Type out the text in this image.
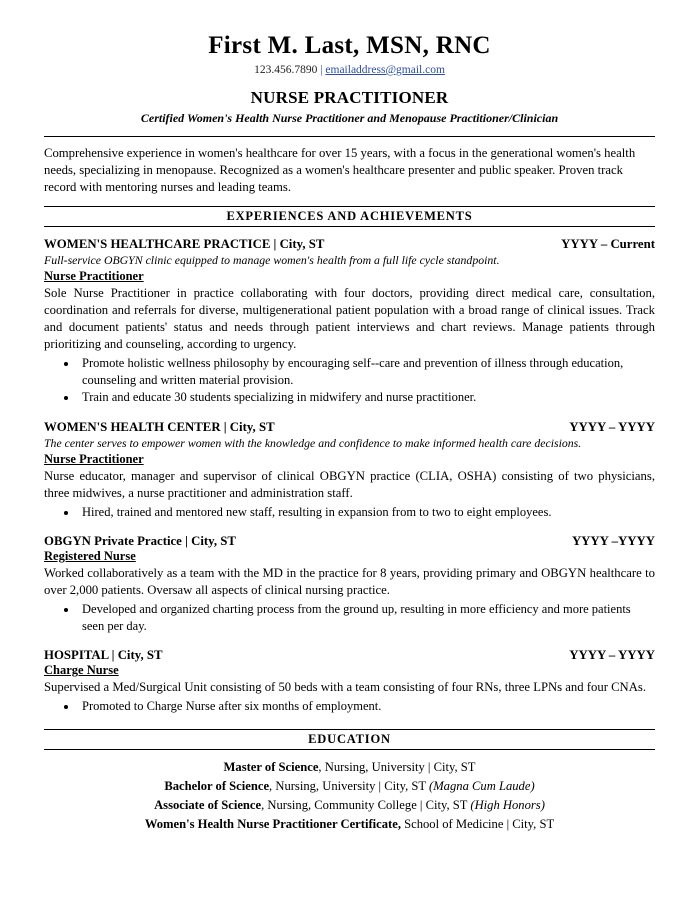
First M. Last, MSN, RNC
123.456.7890 | emailaddress@gmail.com
NURSE PRACTITIONER
Certified Women's Health Nurse Practitioner and Menopause Practitioner/Clinician
Comprehensive experience in women's healthcare for over 15 years, with a focus in the generational women's health needs, specializing in menopause. Recognized as a women's healthcare presenter and public speaker. Proven track record with mentoring nurses and leading teams.
EXPERIENCES AND ACHIEVEMENTS
WOMEN'S HEALTHCARE PRACTICE | City, ST	YYYY – Current
Full-service OBGYN clinic equipped to manage women's health from a full life cycle standpoint.
Nurse Practitioner
Sole Nurse Practitioner in practice collaborating with four doctors, providing direct medical care, consultation, coordination and referrals for diverse, multigenerational patient population with a broad range of clinical issues. Track and document patients' status and needs through patient interviews and chart reviews. Manage patients through prioritizing and counseling, according to urgency.
• Promote holistic wellness philosophy by encouraging self--care and prevention of illness through education, counseling and written material provision.
• Train and educate 30 students specializing in midwifery and nurse practitioner.
WOMEN'S HEALTH CENTER | City, ST	YYYY – YYYY
The center serves to empower women with the knowledge and confidence to make informed health care decisions.
Nurse Practitioner
Nurse educator, manager and supervisor of clinical OBGYN practice (CLIA, OSHA) consisting of two physicians, three midwives, a nurse practitioner and administration staff.
• Hired, trained and mentored new staff, resulting in expansion from to two to eight employees.
OBGYN Private Practice | City, ST	YYYY –YYYY
Registered Nurse
Worked collaboratively as a team with the MD in the practice for 8 years, providing primary and OBGYN healthcare to over 2,000 patients. Oversaw all aspects of clinical nursing practice.
• Developed and organized charting process from the ground up, resulting in more efficiency and more patients seen per day.
HOSPITAL | City, ST	YYYY – YYYY
Charge Nurse
Supervised a Med/Surgical Unit consisting of 50 beds with a team consisting of four RNs, three LPNs and four CNAs.
• Promoted to Charge Nurse after six months of employment.
EDUCATION
Master of Science, Nursing, University | City, ST
Bachelor of Science, Nursing, University | City, ST (Magna Cum Laude)
Associate of Science, Nursing, Community College | City, ST (High Honors)
Women's Health Nurse Practitioner Certificate, School of Medicine | City, ST
